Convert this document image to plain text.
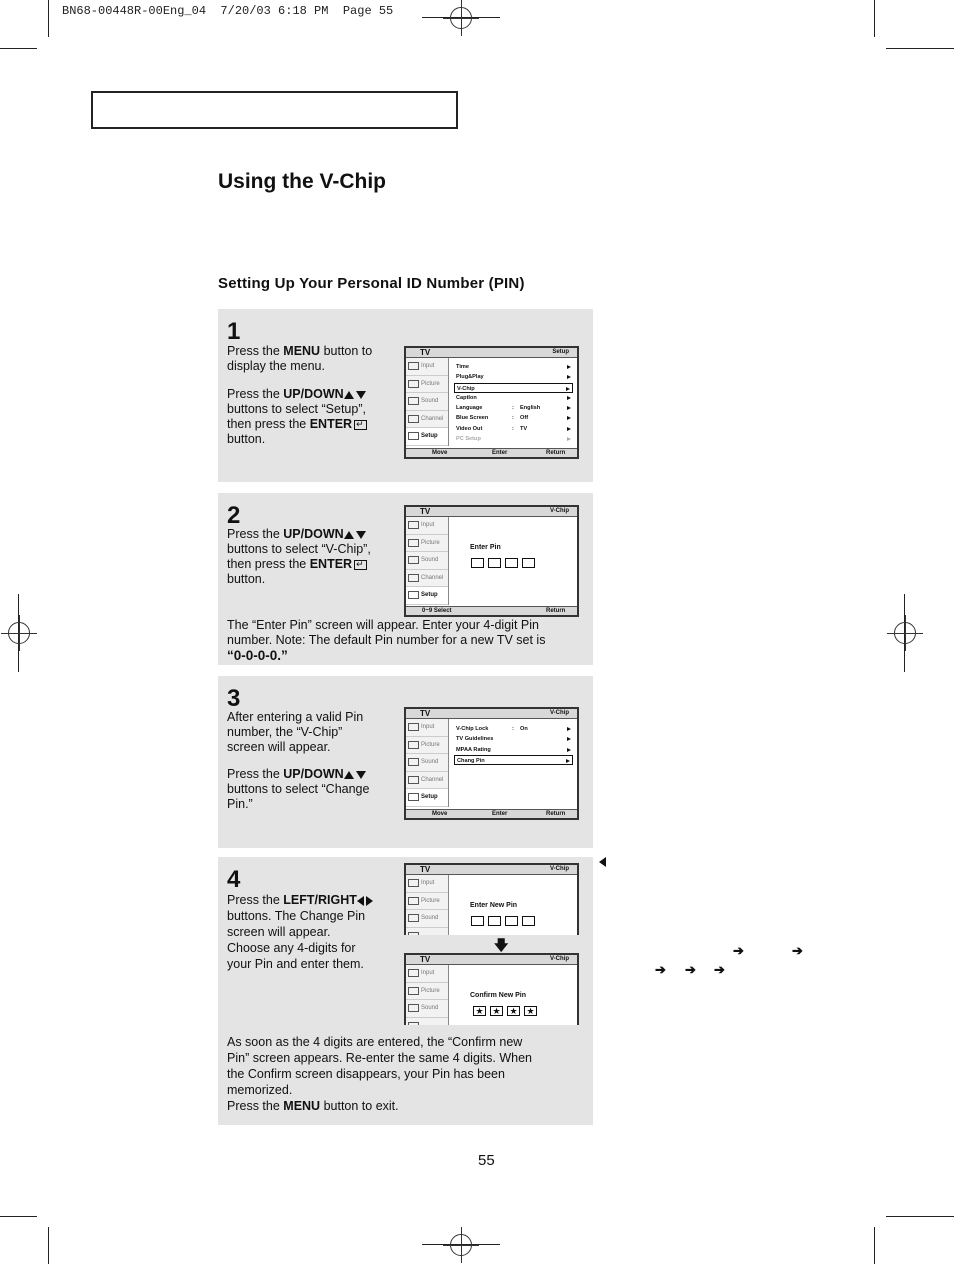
BN68-00448R-00Eng_04  7/20/03 6:18 PM  Page 55
Using the V-Chip
Setting Up Your Personal ID Number (PIN)
1
Press the MENU button to display the menu.
Press the UP/DOWN buttons to select “Setup”, then press the ENTER↵ button.
TV	Setup
Input
Picture
Sound
Channel
Setup
Time
Plug&Play
V-Chip
CaptIon
Language	: English
Blue Screen	: Off
Video Out	: TV
PC Setup
Move	Enter	Return
2
Press the UP/DOWN buttons to select “V-Chip”, then press the ENTER↵ button.
TV	V-Chip
Input
Picture
Sound
Channel
Setup
Enter Pin
0~9 Select	Return
The “Enter Pin” screen will appear. Enter your 4-digit Pin number. Note: The default Pin number for a new TV set is
“0-0-0-0.”
3
After entering a valid Pin number, the “V-Chip” screen will appear.
Press the UP/DOWN buttons to select “Change Pin.”
TV	V-Chip
Input
Picture
Sound
Channel
Setup
V-Chip Lock	: On
TV Guidelines
MPAA Rating
Chang Pin
Move	Enter	Return
4
Press the LEFT/RIGHT buttons. The Change Pin screen will appear. Choose any 4-digits for your Pin and enter them.
TV	V-Chip
Input
Picture
Sound
Enter New Pin
🡇
TV	V-Chip
Input
Picture
Sound
Confirm New Pin
★ ★ ★ ★
As soon as the 4 digits are entered, the “Confirm new Pin” screen appears. Re-enter the same 4 digits. When the Confirm screen disappears, your Pin has been memorized.
Press the MENU button to exit.
➔	➔
➔ ➔ ➔
55
